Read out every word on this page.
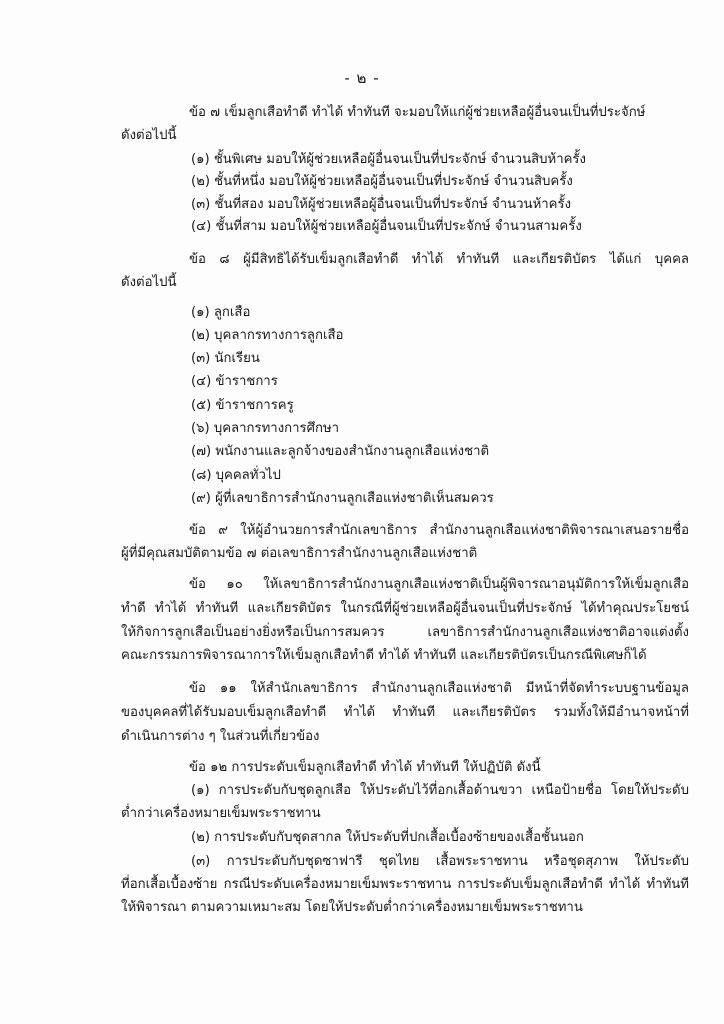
- ๒ -
ข้อ ๗ เข็มลูกเสือทำดี ทำได้ ทำทันที จะมอบให้แก่ผู้ช่วยเหลือผู้อื่นจนเป็นที่ประจักษ์
ดังต่อไปนี้
(๑) ชั้นพิเศษ มอบให้ผู้ช่วยเหลือผู้อื่นจนเป็นที่ประจักษ์ จำนวนสิบห้าครั้ง
(๒) ชั้นที่หนึ่ง มอบให้ผู้ช่วยเหลือผู้อื่นจนเป็นที่ประจักษ์ จำนวนสิบครั้ง
(๓) ชั้นที่สอง มอบให้ผู้ช่วยเหลือผู้อื่นจนเป็นที่ประจักษ์ จำนวนห้าครั้ง
(๔) ชั้นที่สาม มอบให้ผู้ช่วยเหลือผู้อื่นจนเป็นที่ประจักษ์ จำนวนสามครั้ง
ข้อ ๘ ผู้มีสิทธิได้รับเข็มลูกเสือทำดี ทำได้ ทำทันที และเกียรติบัตร ได้แก่ บุคคล
ดังต่อไปนี้
(๑) ลูกเสือ
(๒) บุคลากรทางการลูกเสือ
(๓) นักเรียน
(๔) ข้าราชการ
(๕) ข้าราชการครู
(๖) บุคลากรทางการศึกษา
(๗) พนักงานและลูกจ้างของสำนักงานลูกเสือแห่งชาติ
(๘) บุคคลทั่วไป
(๙) ผู้ที่เลขาธิการสำนักงานลูกเสือแห่งชาติเห็นสมควร
ข้อ ๙ ให้ผู้อำนวยการสำนักเลขาธิการ สำนักงานลูกเสือแห่งชาติพิจารณาเสนอรายชื่อ
ผู้ที่มีคุณสมบัติตามข้อ ๗ ต่อเลขาธิการสำนักงานลูกเสือแห่งชาติ
ข้อ ๑๐ ให้เลขาธิการสำนักงานลูกเสือแห่งชาติเป็นผู้พิจารณาอนุมัติการให้เข็มลูกเสือ
ทำดี ทำได้ ทำทันที และเกียรติบัตร ในกรณีที่ผู้ช่วยเหลือผู้อื่นจนเป็นที่ประจักษ์ ได้ทำคุณประโยชน์
ให้กิจการลูกเสือเป็นอย่างยิ่งหรือเป็นการสมควร เลขาธิการสำนักงานลูกเสือแห่งชาติอาจแต่งตั้ง
คณะกรรมการพิจารณาการให้เข็มลูกเสือทำดี ทำได้ ทำทันที และเกียรติบัตรเป็นกรณีพิเศษก็ได้
ข้อ ๑๑ ให้สำนักเลขาธิการ สำนักงานลูกเสือแห่งชาติ มีหน้าที่จัดทำระบบฐานข้อมูล
ของบุคคลที่ได้รับมอบเข็มลูกเสือทำดี ทำได้ ทำทันที และเกียรติบัตร รวมทั้งให้มีอำนาจหน้าที่
ดำเนินการต่าง ๆ ในส่วนที่เกี่ยวข้อง
ข้อ ๑๒ การประดับเข็มลูกเสือทำดี ทำได้ ทำทันที ให้ปฏิบัติ ดังนี้
(๑) การประดับกับชุดลูกเสือ ให้ประดับไว้ที่อกเสื้อด้านขวา เหนือป้ายชื่อ โดยให้ประดับ
ต่ำกว่าเครื่องหมายเข็มพระราชทาน
(๒) การประดับกับชุดสากล ให้ประดับที่ปกเสื้อเบื้องซ้ายของเสื้อชั้นนอก
(๓) การประดับกับชุดซาฟารี ชุดไทย เสื้อพระราชทาน หรือชุดสุภาพ ให้ประดับ
ที่อกเสื้อเบื้องซ้าย กรณีประดับเครื่องหมายเข็มพระราชทาน การประดับเข็มลูกเสือทำดี ทำได้ ทำทันที
ให้พิจารณา ตามความเหมาะสม โดยให้ประดับต่ำกว่าเครื่องหมายเข็มพระราชทาน
